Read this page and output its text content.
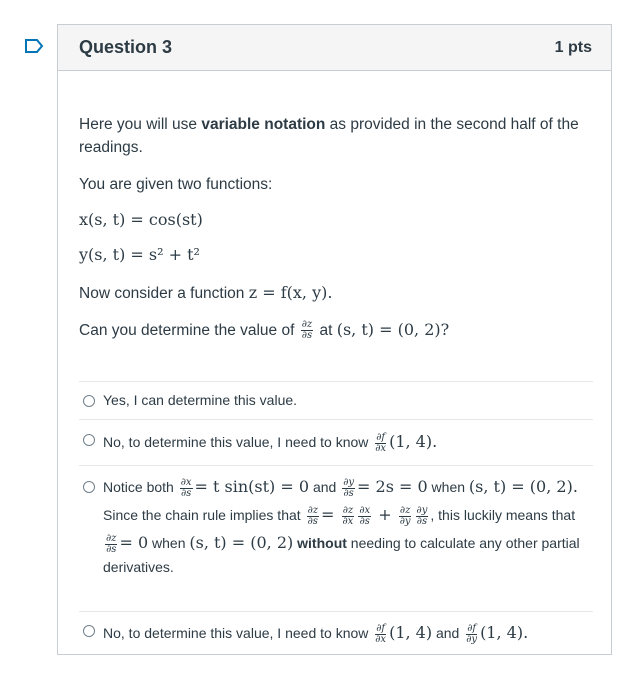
Question 3	1 pts
Here you will use variable notation as provided in the second half of the readings.
You are given two functions:
x(s, t) = cos(st)
y(s, t) = s² + t²
Now consider a function z = f(x, y).
Can you determine the value of $\frac{\partial z}{\partial s}$ at (s, t) = (0, 2)?
Yes, I can determine this value.
No, to determine this value, I need to know $\frac{\partial f}{\partial x} (1$, 4).
Notice both $\frac{\partial x}{\partial s} = t$ sin(st) = 0 and $\frac{\partial y}{\partial s} = 2s = 0$ when (s, t) = (0, 2).
Since the chain rule implies that $\frac{\partial z}{\partial s} = \frac{\partial z}{\partial x} \frac{\partial x}{\partial s} + \frac{\partial z}{\partial y} \frac{\partial y}{\partial s}$ , this luckily means that
$\frac{\partial z}{\partial s} = 0$ when (s, t) = (0, 2) without needing to calculate any other partial
derivatives.
No, to determine this value, I need to know $\frac{\partial f}{\partial x} (1$, 4) and $\frac{\partial f}{\partial y} (1$, 4).
